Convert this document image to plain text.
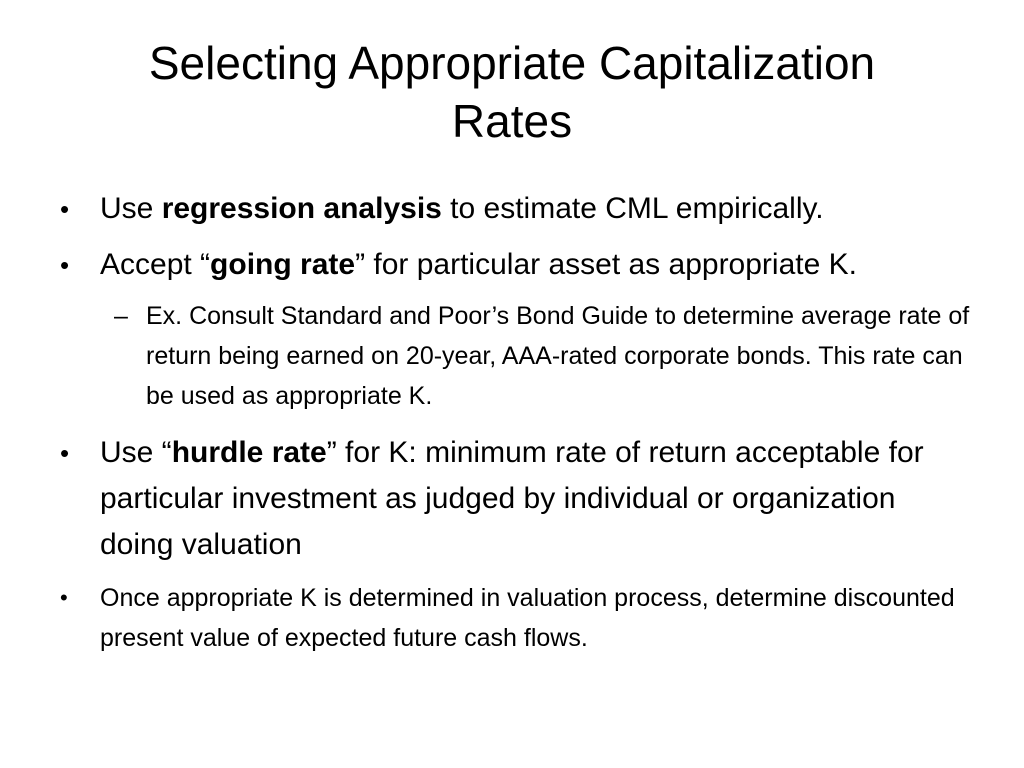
Selecting Appropriate Capitalization
Rates
•	Use regression analysis to estimate CML empirically.
•	Accept “going rate” for particular asset as appropriate K.
– Ex. Consult Standard and Poor’s Bond Guide to determine average rate of return being earned on 20-year, AAA-rated corporate bonds. This rate can be used as appropriate K.
•	Use “hurdle rate” for K: minimum rate of return acceptable for particular investment as judged by individual or organization doing valuation
•	Once appropriate K is determined in valuation process, determine discounted present value of expected future cash flows.
